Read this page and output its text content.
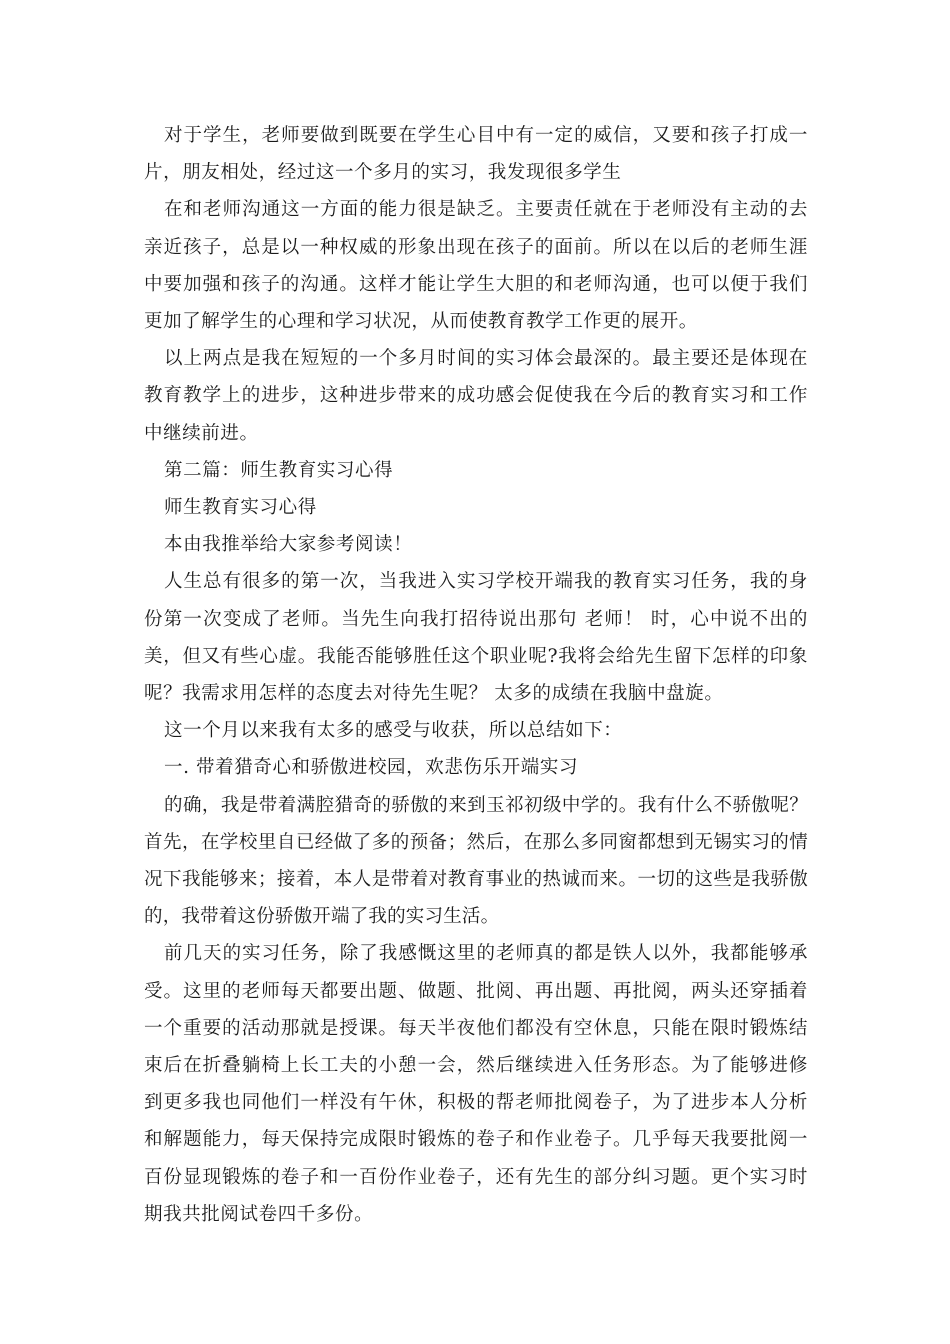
对于学生，老师要做到既要在学生心目中有一定的威信，又要和孩子打成一片，朋友相处，经过这一个多月的实习，我发现很多学生

在和老师沟通这一方面的能力很是缺乏。主要责任就在于老师没有主动的去亲近孩子，总是以一种权威的形象出现在孩子的面前。所以在以后的老师生涯中要加强和孩子的沟通。这样才能让学生大胆的和老师沟通，也可以便于我们更加了解学生的心理和学习状况，从而使教育教学工作更的展开。

以上两点是我在短短的一个多月时间的实习体会最深的。最主要还是体现在教育教学上的进步，这种进步带来的成功感会促使我在今后的教育实习和工作中继续前进。

第二篇：师生教育实习心得

师生教育实习心得

本由我推举给大家参考阅读！

人生总有很多的第一次，当我进入实习学校开端我的教育实习任务，我的身份第一次变成了老师。当先生向我打招待说出那句 老师！ 时，心中说不出的美，但又有些心虚。我能否能够胜任这个职业呢?我将会给先生留下怎样的印象呢？我需求用怎样的态度去对待先生呢？ 太多的成绩在我脑中盘旋。

这一个月以来我有太多的感受与收获，所以总结如下：

一. 带着猎奇心和骄傲进校园，欢悲伤乐开端实习

的确，我是带着满腔猎奇的骄傲的来到玉祁初级中学的。我有什么不骄傲呢？首先，在学校里自已经做了多的预备；然后，在那么多同窗都想到无锡实习的情况下我能够来；接着，本人是带着对教育事业的热诚而来。一切的这些是我骄傲的，我带着这份骄傲开端了我的实习生活。

前几天的实习任务，除了我感慨这里的老师真的都是铁人以外，我都能够承受。这里的老师每天都要出题、做题、批阅、再出题、再批阅，两头还穿插着一个重要的活动那就是授课。每天半夜他们都没有空休息，只能在限时锻炼结束后在折叠躺椅上长工夫的小憩一会，然后继续进入任务形态。为了能够进修到更多我也同他们一样没有午休，积极的帮老师批阅卷子，为了进步本人分析和解题能力，每天保持完成限时锻炼的卷子和作业卷子。几乎每天我要批阅一百份显现锻炼的卷子和一百份作业卷子，还有先生的部分纠习题。更个实习时期我共批阅试卷四千多份。
